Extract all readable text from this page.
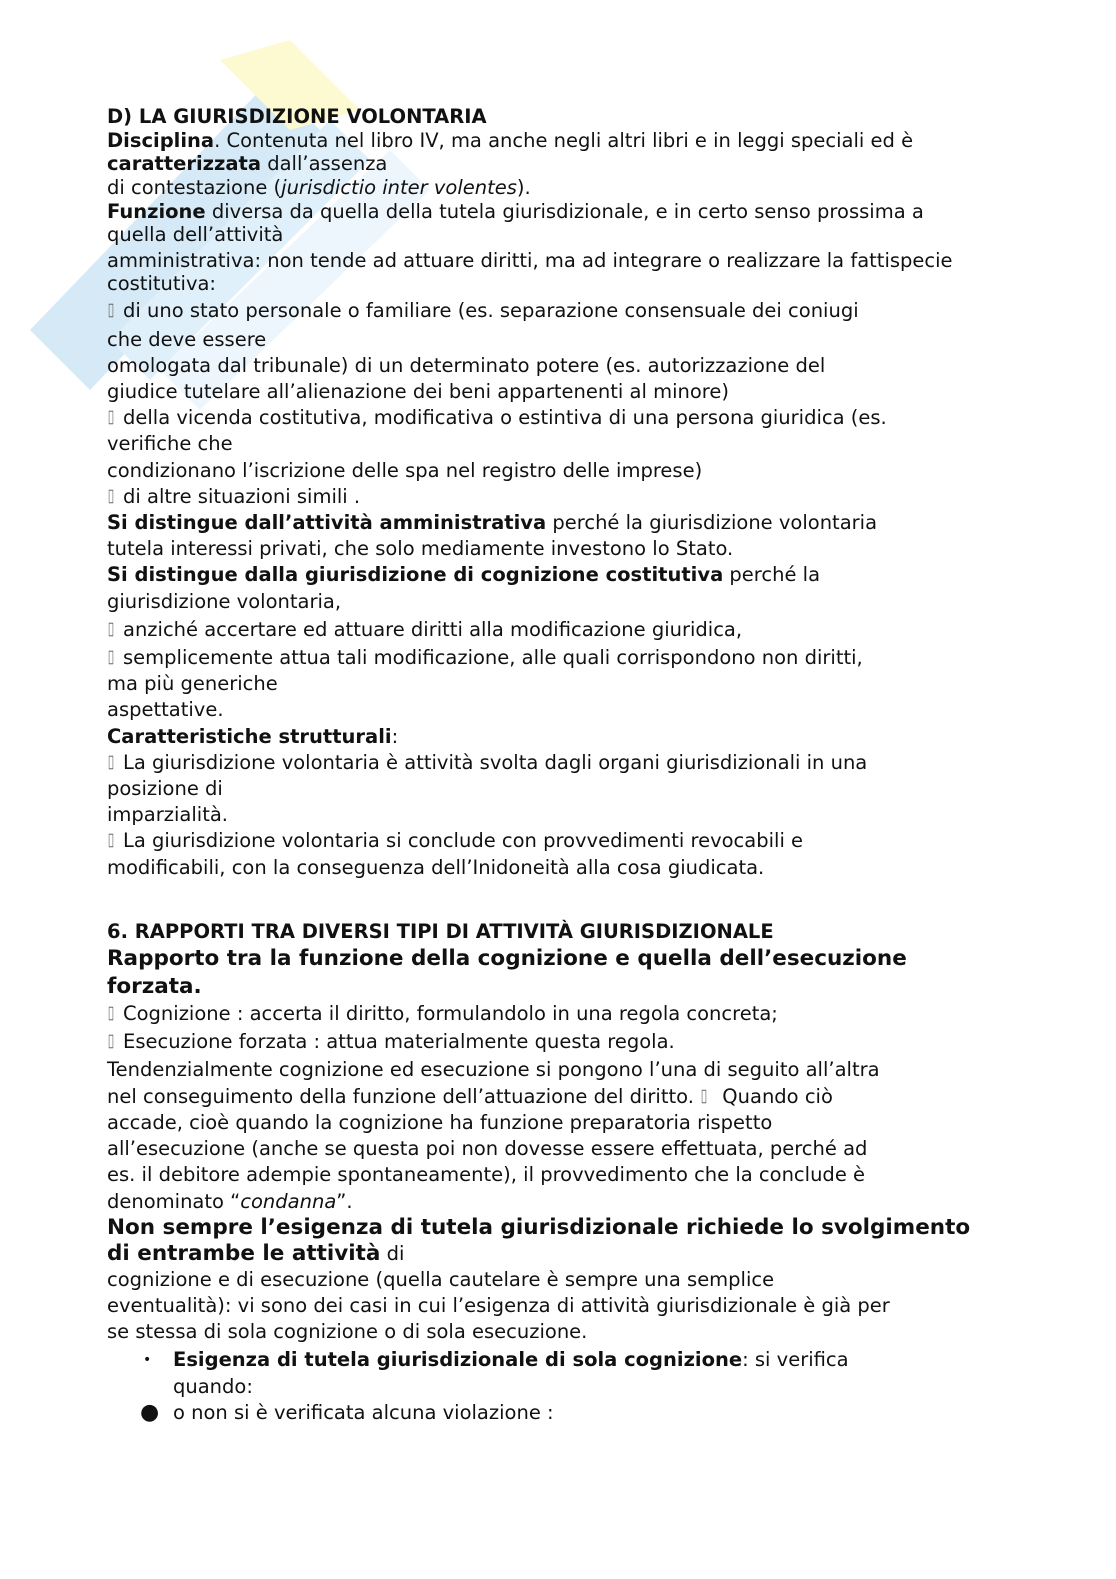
D) LA GIURISDIZIONE VOLONTARIA

Disciplina. Contenuta nel libro IV, ma anche negli altri libri e in leggi speciali ed è
caratterizzata dall’assenza

di contestazione (jurisdictio inter volentes).

Funzione diversa da quella della tutela giurisdizionale, e in certo senso prossima a
quella dell’attività

amministrativa: non tende ad attuare diritti, ma ad integrare o realizzare la fattispecie
costitutiva:

di uno stato personale o familiare (es. separazione consensuale dei coniugi

che deve essere

omologata dal tribunale) di un determinato potere (es. autorizzazione del

giudice tutelare all’alienazione dei beni appartenenti al minore)

della vicenda costitutiva, modificativa o estintiva di una persona giuridica (es.

verifiche che

condizionano l’iscrizione delle spa nel registro delle imprese)

di altre situazioni simili .

Si distingue dall’attività amministrativa perché la giurisdizione volontaria
tutela interessi privati, che solo mediamente investono lo Stato.

Si distingue dalla giurisdizione di cognizione costitutiva perché la
giurisdizione volontaria,

anziché accertare ed attuare diritti alla modificazione giuridica,

semplicemente attua tali modificazione, alle quali corrispondono non diritti,

ma più generiche

aspettative.

Caratteristiche strutturali:

La giurisdizione volontaria è attività svolta dagli organi giurisdizionali in una

posizione di

imparzialità.

La giurisdizione volontaria si conclude con provvedimenti revocabili e

modificabili, con la conseguenza dell’Inidoneità alla cosa giudicata.

6. RAPPORTI TRA DIVERSI TIPI DI ATTIVITÀ GIURISDIZIONALE

Rapporto tra la funzione della cognizione e quella dell’esecuzione
forzata.

Cognizione : accerta il diritto, formulandolo in una regola concreta;

Esecuzione forzata : attua materialmente questa regola.

Tendenzialmente cognizione ed esecuzione si pongono l’una di seguito all’altra
nel conseguimento della funzione dell’attuazione del diritto.  Quando ciò
accade, cioè quando la cognizione ha funzione preparatoria rispetto
all’esecuzione (anche se questa poi non dovesse essere effettuata, perché ad
es. il debitore adempie spontaneamente), il provvedimento che la conclude è
denominato “condanna”.

Non sempre l’esigenza di tutela giurisdizionale richiede lo svolgimento
di entrambe le attività di

cognizione e di esecuzione (quella cautelare è sempre una semplice
eventualità): vi sono dei casi in cui l’esigenza di attività giurisdizionale è già per
se stessa di sola cognizione o di sola esecuzione.

• Esigenza di tutela giurisdizionale di sola cognizione: si verifica
quando:
● o non si è verificata alcuna violazione :
